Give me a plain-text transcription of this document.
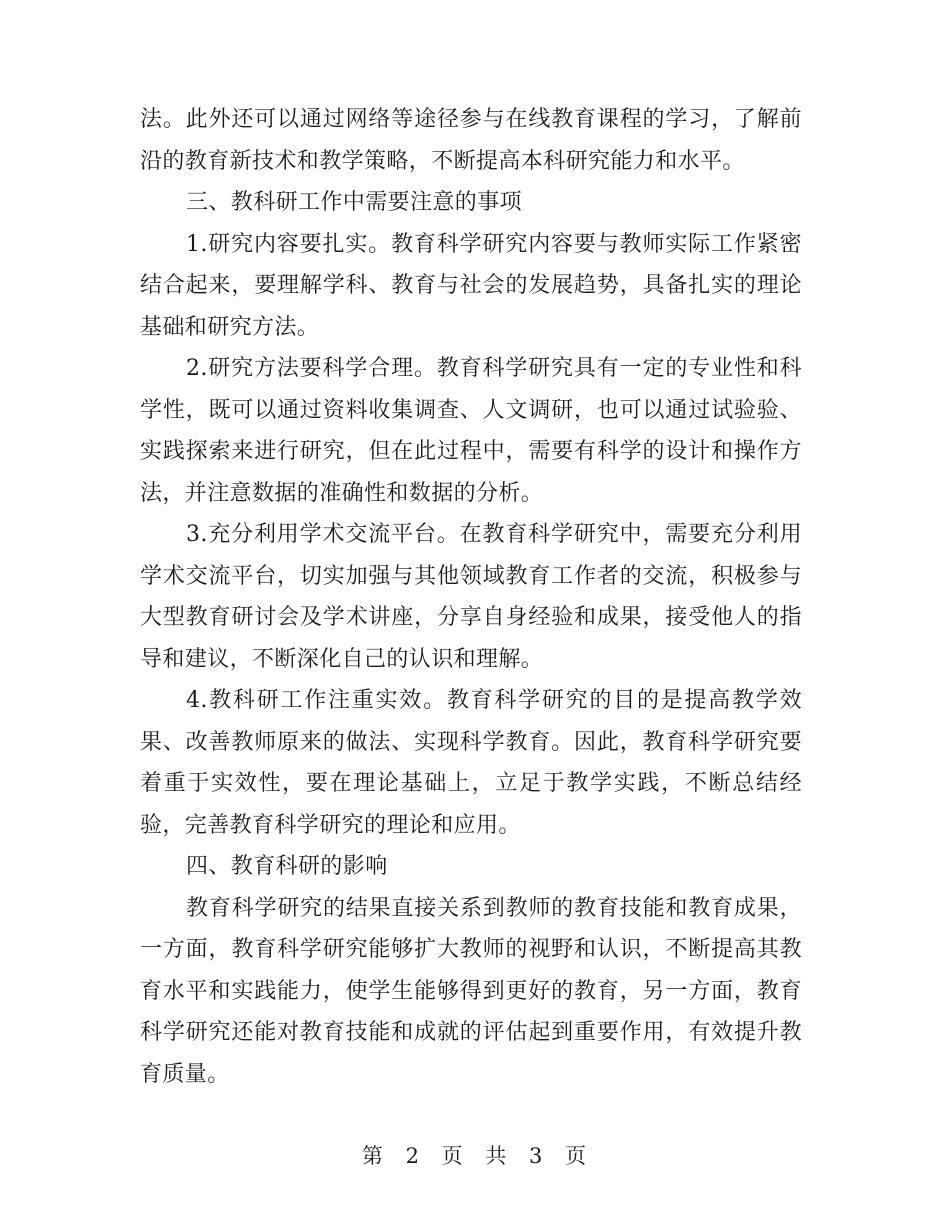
法。此外还可以通过网络等途径参与在线教育课程的学习，了解前沿的教育新技术和教学策略，不断提高本科研究能力和水平。

三、教科研工作中需要注意的事项

1.研究内容要扎实。教育科学研究内容要与教师实际工作紧密结合起来，要理解学科、教育与社会的发展趋势，具备扎实的理论基础和研究方法。

2.研究方法要科学合理。教育科学研究具有一定的专业性和科学性，既可以通过资料收集调查、人文调研，也可以通过试验验、实践探索来进行研究，但在此过程中，需要有科学的设计和操作方法，并注意数据的准确性和数据的分析。

3.充分利用学术交流平台。在教育科学研究中，需要充分利用学术交流平台，切实加强与其他领域教育工作者的交流，积极参与大型教育研讨会及学术讲座，分享自身经验和成果，接受他人的指导和建议，不断深化自己的认识和理解。

4.教科研工作注重实效。教育科学研究的目的是提高教学效果、改善教师原来的做法、实现科学教育。因此，教育科学研究要着重于实效性，要在理论基础上，立足于教学实践，不断总结经验，完善教育科学研究的理论和应用。

四、教育科研的影响

教育科学研究的结果直接关系到教师的教育技能和教育成果，一方面，教育科学研究能够扩大教师的视野和认识，不断提高其教育水平和实践能力，使学生能够得到更好的教育，另一方面，教育科学研究还能对教育技能和成就的评估起到重要作用，有效提升教育质量。

第 2 页 共 3 页
